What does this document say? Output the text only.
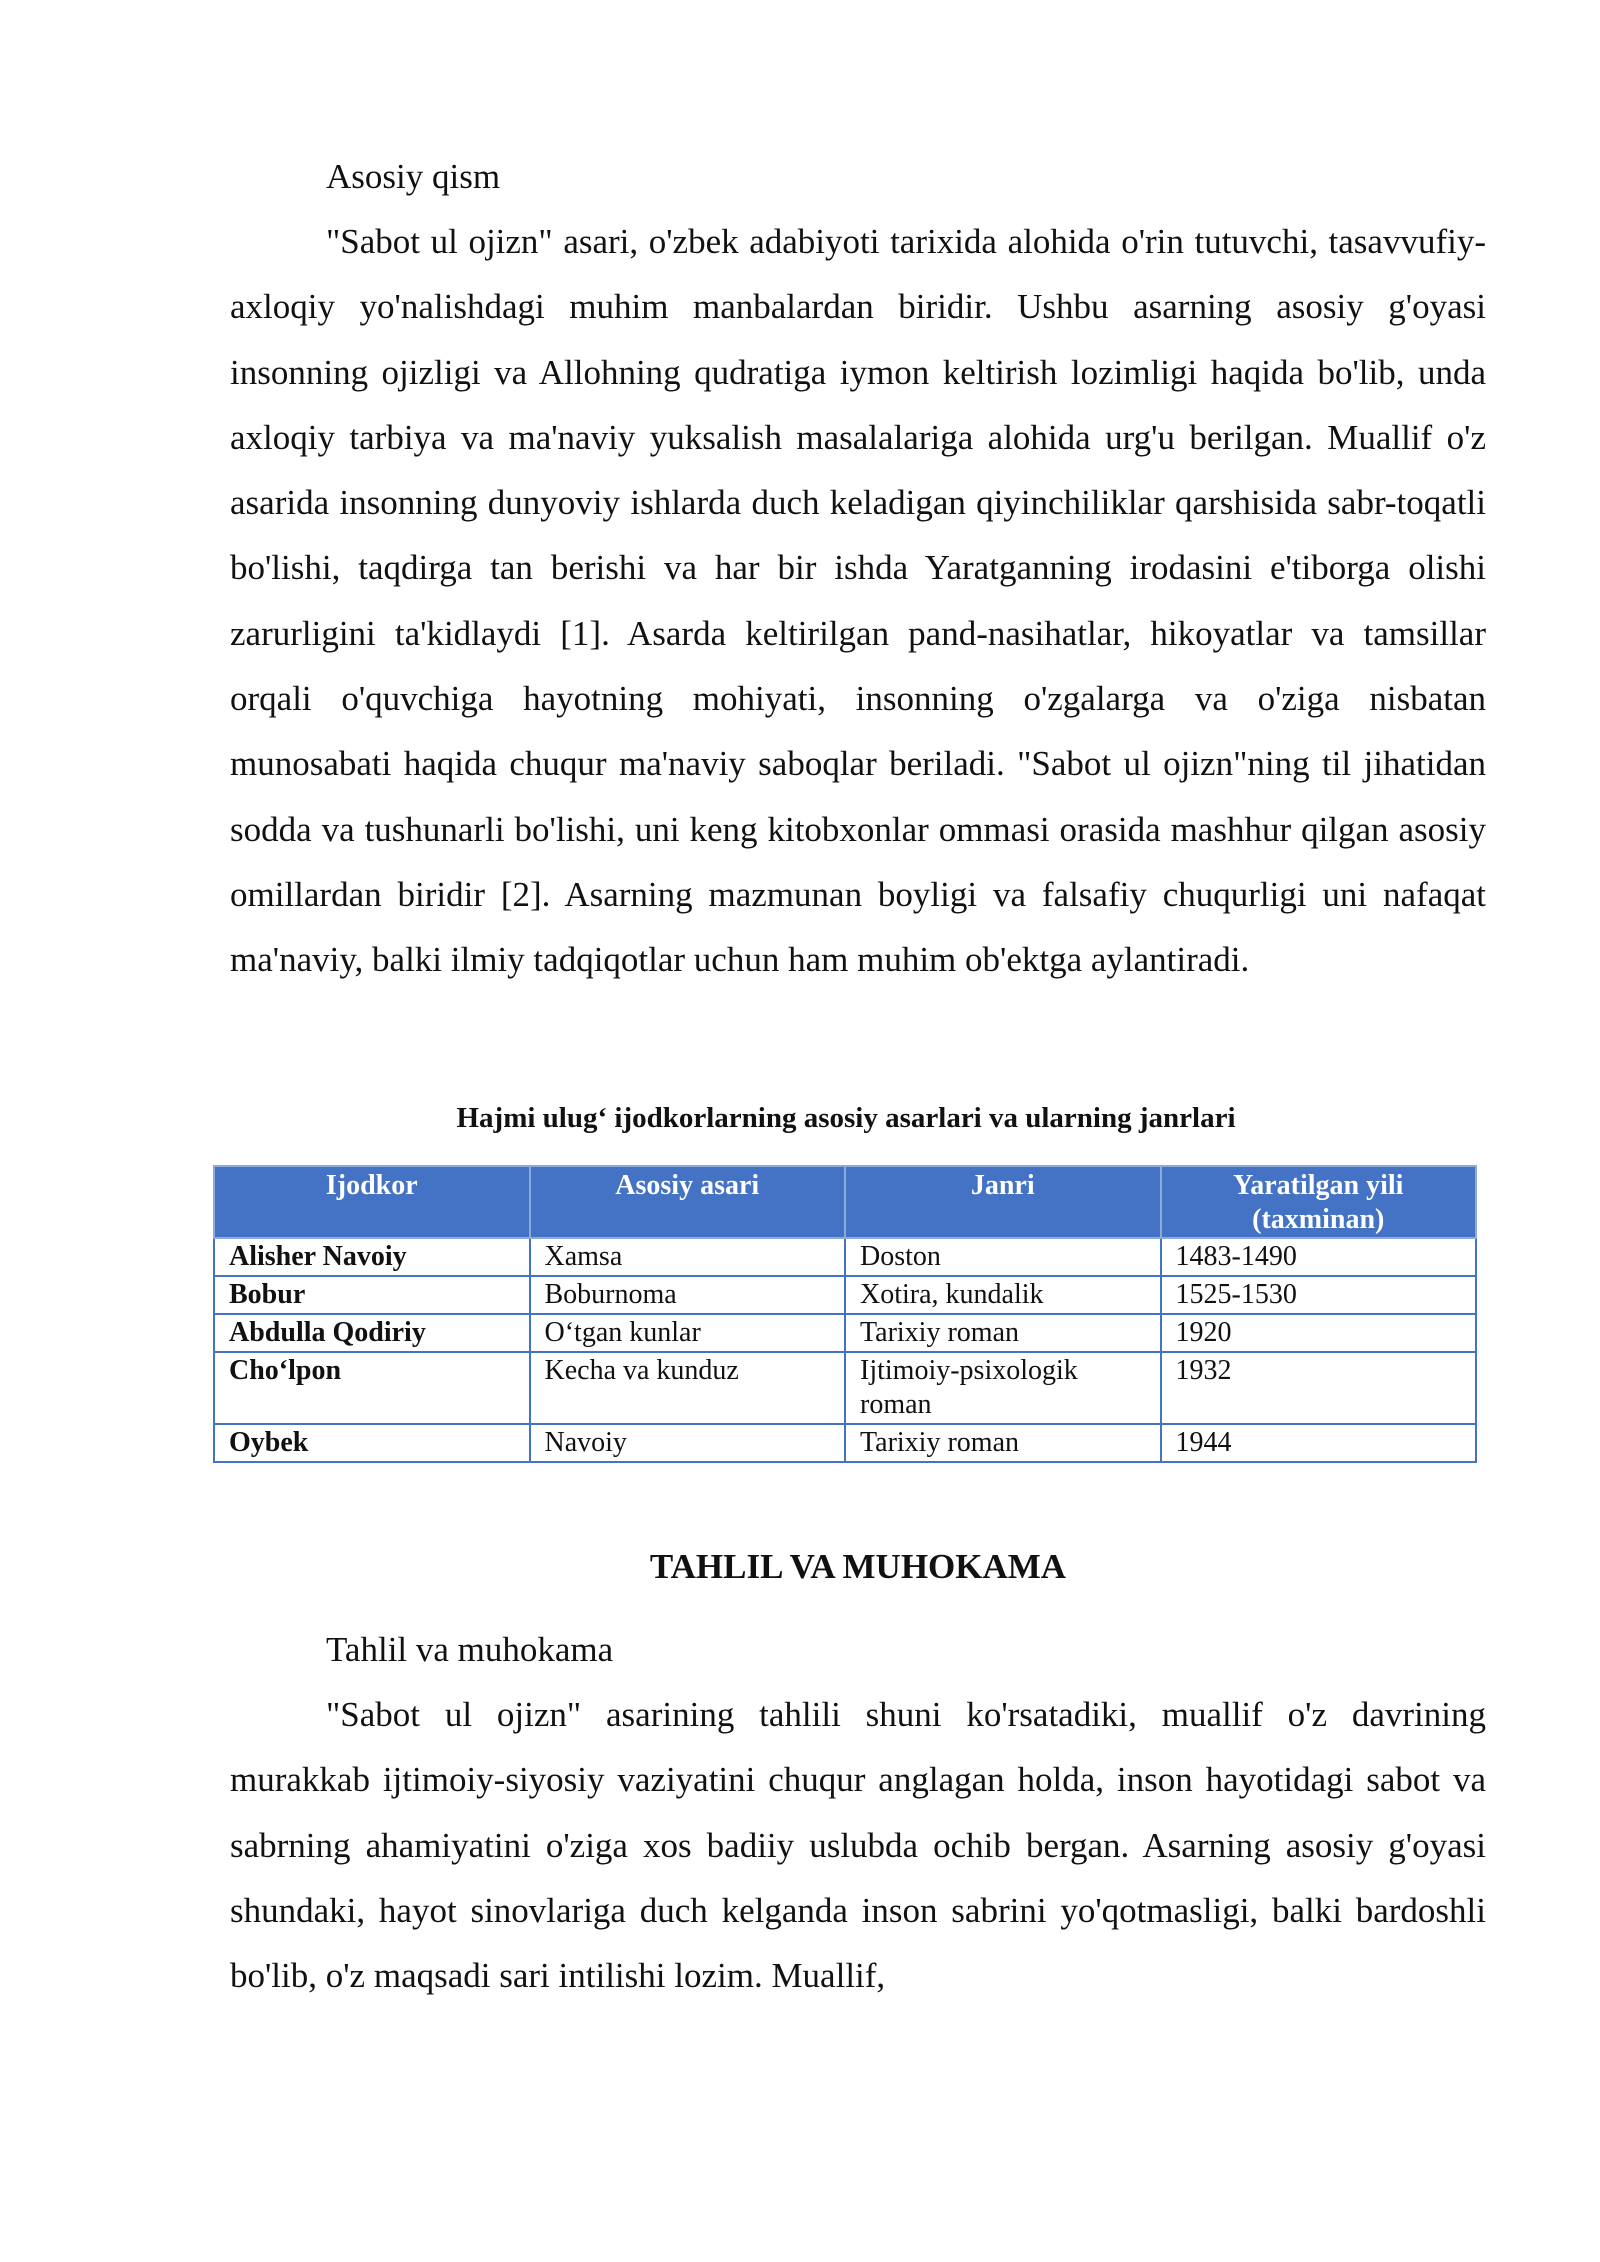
Asosiy qism

"Sabot ul ojizn" asari, o'zbek adabiyoti tarixida alohida o'rin tutuvchi, tasavvufiy-axloqiy yo'nalishdagi muhim manbalardan biridir. Ushbu asarning asosiy g'oyasi insonning ojizligi va Allohning qudratiga iymon keltirish lozimligi haqida bo'lib, unda axloqiy tarbiya va ma'naviy yuksalish masalalariga alohida urg'u berilgan. Muallif o'z asarida insonning dunyoviy ishlarda duch keladigan qiyinchiliklar qarshisida sabr-toqatli bo'lishi, taqdirga tan berishi va har bir ishda Yaratganning irodasini e'tiborga olishi zarurligini ta'kidlaydi [1]. Asarda keltirilgan pand-nasihatlar, hikoyatlar va tamsillar orqali o'quvchiga hayotning mohiyati, insonning o'zgalarga va o'ziga nisbatan munosabati haqida chuqur ma'naviy saboqlar beriladi. "Sabot ul ojizn"ning til jihatidan sodda va tushunarli bo'lishi, uni keng kitobxonlar ommasi orasida mashhur qilgan asosiy omillardan biridir [2]. Asarning mazmunan boyligi va falsafiy chuqurligi uni nafaqat ma'naviy, balki ilmiy tadqiqotlar uchun ham muhim ob'ektga aylantiradi.

Hajmi ulug‘ ijodkorlarning asosiy asarlari va ularning janrlari
Ijodkor	Asosiy asari	Janri	Yaratilgan yili (taxminan)
Alisher Navoiy	Xamsa	Doston	1483-1490
Bobur	Boburnoma	Xotira, kundalik	1525-1530
Abdulla Qodiriy	O‘tgan kunlar	Tarixiy roman	1920
Cho‘lpon	Kecha va kunduz	Ijtimoiy-psixologik roman	1932
Oybek	Navoiy	Tarixiy roman	1944
TAHLIL VA MUHOKAMA
Tahlil va muhokama

"Sabot ul ojizn" asarining tahlili shuni ko'rsatadiki, muallif o'z davrining murakkab ijtimoiy-siyosiy vaziyatini chuqur anglagan holda, inson hayotidagi sabot va sabrning ahamiyatini o'ziga xos badiiy uslubda ochib bergan. Asarning asosiy g'oyasi shundaki, hayot sinovlariga duch kelganda inson sabrini yo'qotmasligi, balki bardoshli bo'lib, o'z maqsadi sari intilishi lozim. Muallif,
